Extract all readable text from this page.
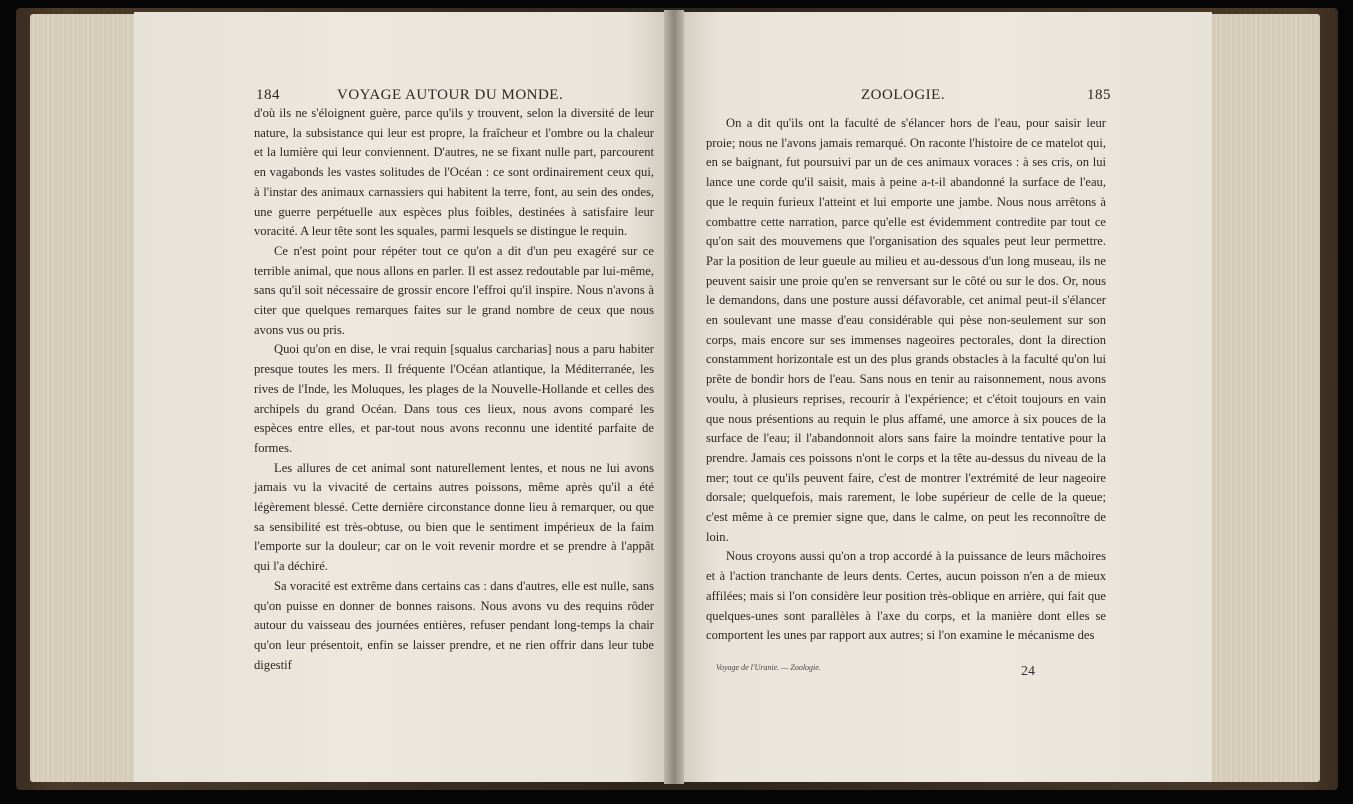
184	VOYAGE AUTOUR DU MONDE.

d'où ils ne s'éloignent guère, parce qu'ils y trouvent, selon la diversité de leur nature, la subsistance qui leur est propre, la fraîcheur et l'ombre ou la chaleur et la lumière qui leur conviennent. D'autres, ne se fixant nulle part, parcourent en vagabonds les vastes solitudes de l'Océan : ce sont ordinairement ceux qui, à l'instar des animaux carnassiers qui habitent la terre, font, au sein des ondes, une guerre perpétuelle aux espèces plus foibles, destinées à satisfaire leur voracité. A leur tête sont les squales, parmi lesquels se distingue le requin.

Ce n'est point pour répéter tout ce qu'on a dit d'un peu exagéré sur ce terrible animal, que nous allons en parler. Il est assez redoutable par lui-même, sans qu'il soit nécessaire de grossir encore l'effroi qu'il inspire. Nous n'avons à citer que quelques remarques faites sur le grand nombre de ceux que nous avons vus ou pris.

Quoi qu'on en dise, le vrai requin [squalus carcharias] nous a paru habiter presque toutes les mers. Il fréquente l'Océan atlantique, la Méditerranée, les rives de l'Inde, les Moluques, les plages de la Nouvelle-Hollande et celles des archipels du grand Océan. Dans tous ces lieux, nous avons comparé les espèces entre elles, et par-tout nous avons reconnu une identité parfaite de formes.

Les allures de cet animal sont naturellement lentes, et nous ne lui avons jamais vu la vivacité de certains autres poissons, même après qu'il a été légèrement blessé. Cette dernière circonstance donne lieu à remarquer, ou que sa sensibilité est très-obtuse, ou bien que le sentiment impérieux de la faim l'emporte sur la douleur; car on le voit revenir mordre et se prendre à l'appât qui l'a déchiré.

Sa voracité est extrême dans certains cas : dans d'autres, elle est nulle, sans qu'on puisse en donner de bonnes raisons. Nous avons vu des requins rôder autour du vaisseau des journées entières, refuser pendant long-temps la chair qu'on leur présentoit, enfin se laisser prendre, et ne rien offrir dans leur tube digestif

ZOOLOGIE.	185

On a dit qu'ils ont la faculté de s'élancer hors de l'eau, pour saisir leur proie; nous ne l'avons jamais remarqué. On raconte l'histoire de ce matelot qui, en se baignant, fut poursuivi par un de ces animaux voraces : à ses cris, on lui lance une corde qu'il saisit, mais à peine a-t-il abandonné la surface de l'eau, que le requin furieux l'atteint et lui emporte une jambe. Nous nous arrêtons à combattre cette narration, parce qu'elle est évidemment contredite par tout ce qu'on sait des mouvemens que l'organisation des squales peut leur permettre. Par la position de leur gueule au milieu et au-dessous d'un long museau, ils ne peuvent saisir une proie qu'en se renversant sur le côté ou sur le dos. Or, nous le demandons, dans une posture aussi défavorable, cet animal peut-il s'élancer en soulevant une masse d'eau considérable qui pèse non-seulement sur son corps, mais encore sur ses immenses nageoires pectorales, dont la direction constamment horizontale est un des plus grands obstacles à la faculté qu'on lui prête de bondir hors de l'eau. Sans nous en tenir au raisonnement, nous avons voulu, à plusieurs reprises, recourir à l'expérience; et c'étoit toujours en vain que nous présentions au requin le plus affamé, une amorce à six pouces de la surface de l'eau; il l'abandonnoit alors sans faire la moindre tentative pour la prendre. Jamais ces poissons n'ont le corps et la tête au-dessus du niveau de la mer; tout ce qu'ils peuvent faire, c'est de montrer l'extrémité de leur nageoire dorsale; quelquefois, mais rarement, le lobe supérieur de celle de la queue; c'est même à ce premier signe que, dans le calme, on peut les reconnoître de loin.

Nous croyons aussi qu'on a trop accordé à la puissance de leurs mâchoires et à l'action tranchante de leurs dents. Certes, aucun poisson n'en a de mieux affilées; mais si l'on considère leur position très-oblique en arrière, qui fait que quelques-unes sont parallèles à l'axe du corps, et la manière dont elles se comportent les unes par rapport aux autres; si l'on examine le mécanisme des

Voyage de l'Uranie. — Zoologie.	24
